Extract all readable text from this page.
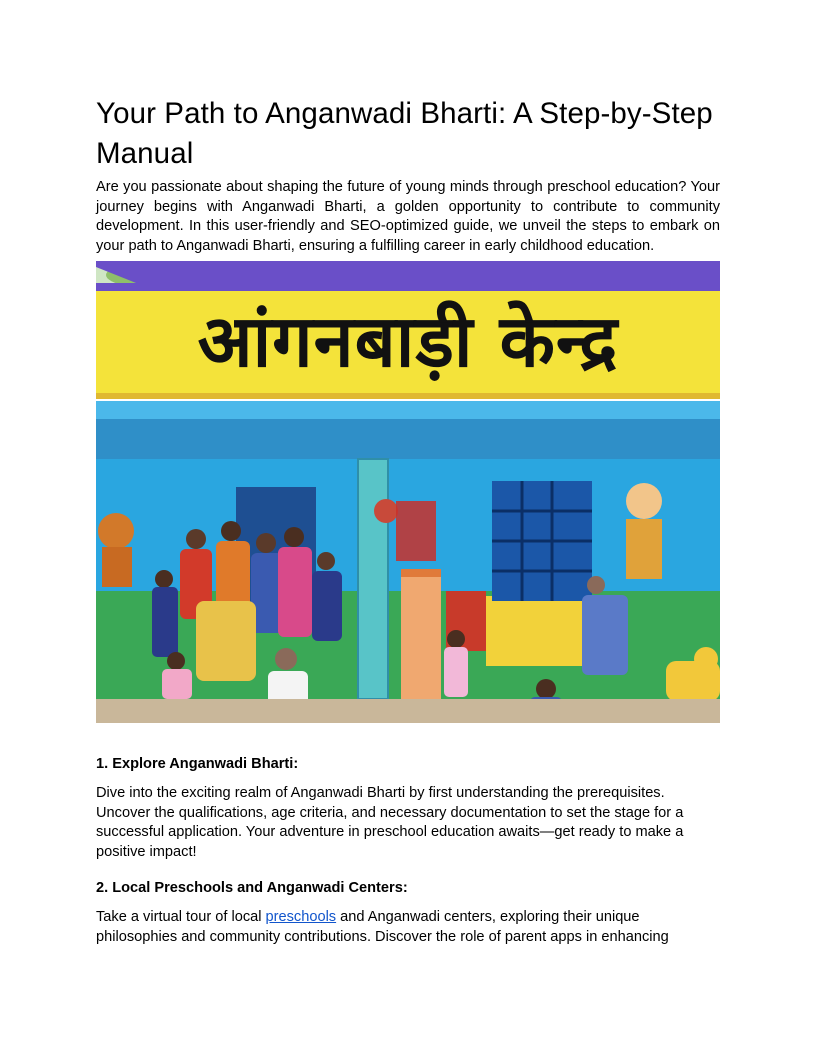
Your Path to Anganwadi Bharti: A Step-by-Step Manual

Are you passionate about shaping the future of young minds through preschool education? Your journey begins with Anganwadi Bharti, a golden opportunity to contribute to community development. In this user-friendly and SEO-optimized guide, we unveil the steps to embark on your path to Anganwadi Bharti, ensuring a fulfilling career in early childhood education.

आंगनबाड़ी केन्द्र
1. Explore Anganwadi Bharti:

Dive into the exciting realm of Anganwadi Bharti by first understanding the prerequisites. Uncover the qualifications, age criteria, and necessary documentation to set the stage for a successful application. Your adventure in preschool education awaits—get ready to make a positive impact!

2. Local Preschools and Anganwadi Centers:

Take a virtual tour of local preschools and Anganwadi centers, exploring their unique philosophies and community contributions. Discover the role of parent apps in enhancing
